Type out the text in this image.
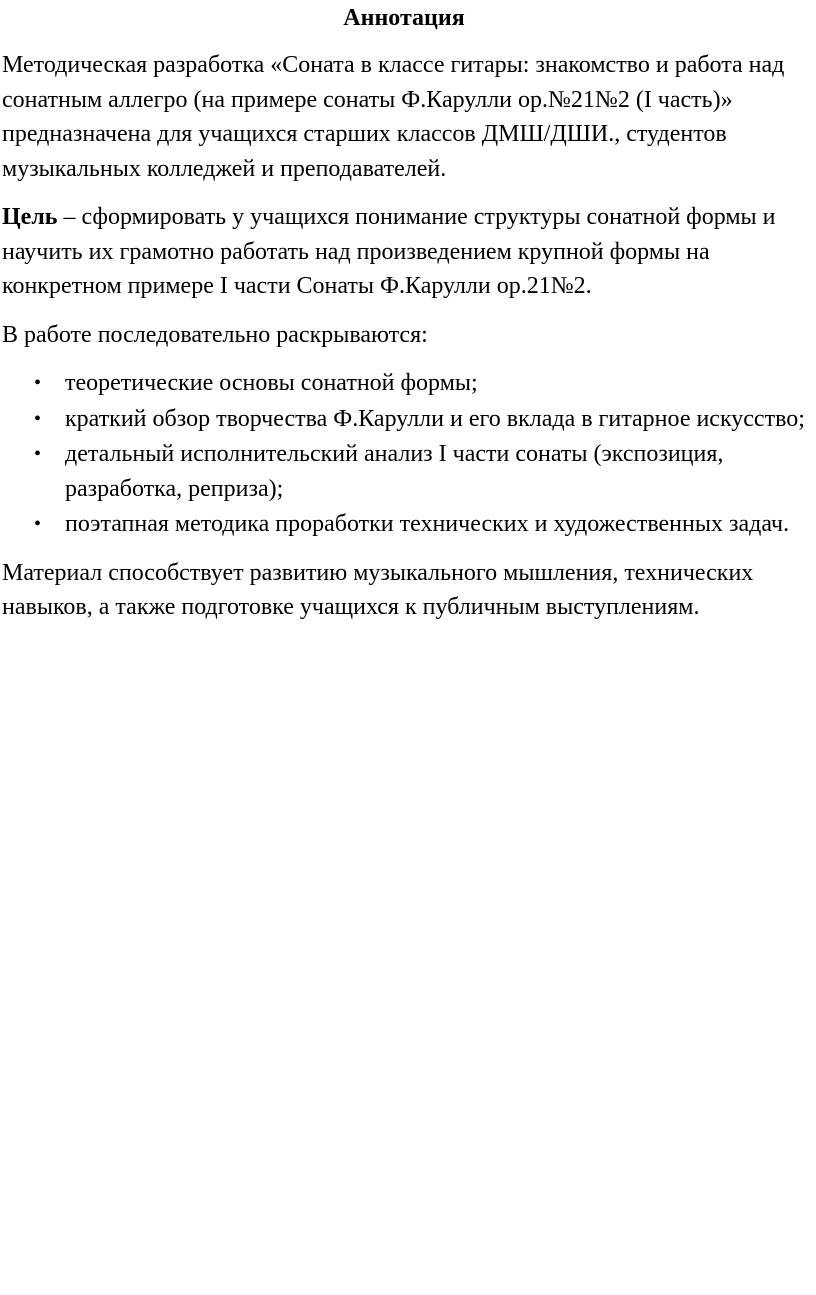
Аннотация

Методическая разработка «Соната в классе гитары: знакомство и работа над сонатным аллегро (на примере сонаты Ф.Карулли ор.№21№2 (I часть)» предназначена для учащихся старших классов ДМШ/ДШИ., студентов музыкальных колледжей и преподавателей.

Цель – сформировать у учащихся понимание структуры сонатной формы и научить их грамотно работать над произведением крупной формы на конкретном примере I части Сонаты Ф.Карулли ор.21№2.

В работе последовательно раскрываются:

• теоретические основы сонатной формы;
• краткий обзор творчества Ф.Карулли и его вклада в гитарное искусство;
• детальный исполнительский анализ I части сонаты (экспозиция, разработка, реприза);
• поэтапная методика проработки технических и художественных задач.

Материал способствует развитию музыкального мышления, технических навыков, а также подготовке учащихся к публичным выступлениям.
